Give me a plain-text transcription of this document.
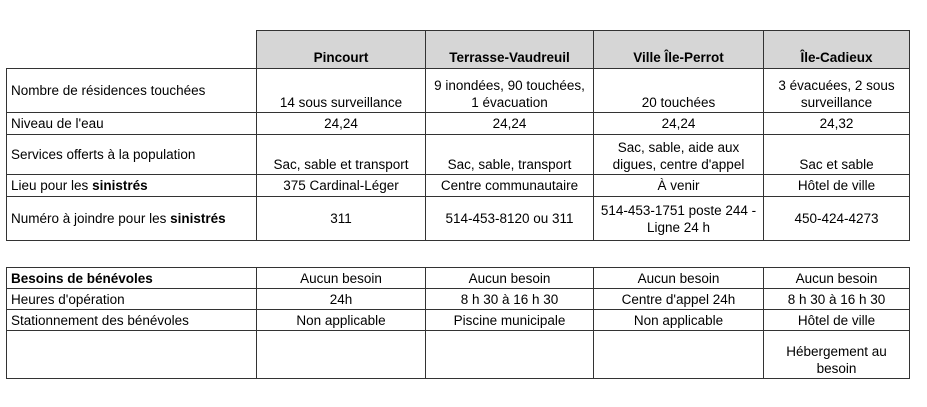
	Pincourt	Terrasse-Vaudreuil	Ville Île-Perrot	Île-Cadieux
Nombre de résidences touchées	14 sous surveillance	9 inondées, 90 touchées, 1 évacuation	20 touchées	3 évacuées, 2 sous surveillance
Niveau de l'eau	24,24	24,24	24,24	24,32
Services offerts à la population	Sac, sable et transport	Sac, sable, transport	Sac, sable, aide aux digues, centre d'appel	Sac et sable
Lieu pour les sinistrés	375 Cardinal-Léger	Centre communautaire	À venir	Hôtel de ville
Numéro à joindre pour les sinistrés	311	514-453-8120 ou 311	514-453-1751 poste 244 - Ligne 24 h	450-424-4273
Besoins de bénévoles	Aucun besoin	Aucun besoin	Aucun besoin	Aucun besoin
Heures d'opération	24h	8 h 30 à 16 h 30	Centre d'appel 24h	8 h 30 à 16 h 30
Stationnement des bénévoles	Non applicable	Piscine municipale	Non applicable	Hôtel de ville
				Hébergement au besoin
